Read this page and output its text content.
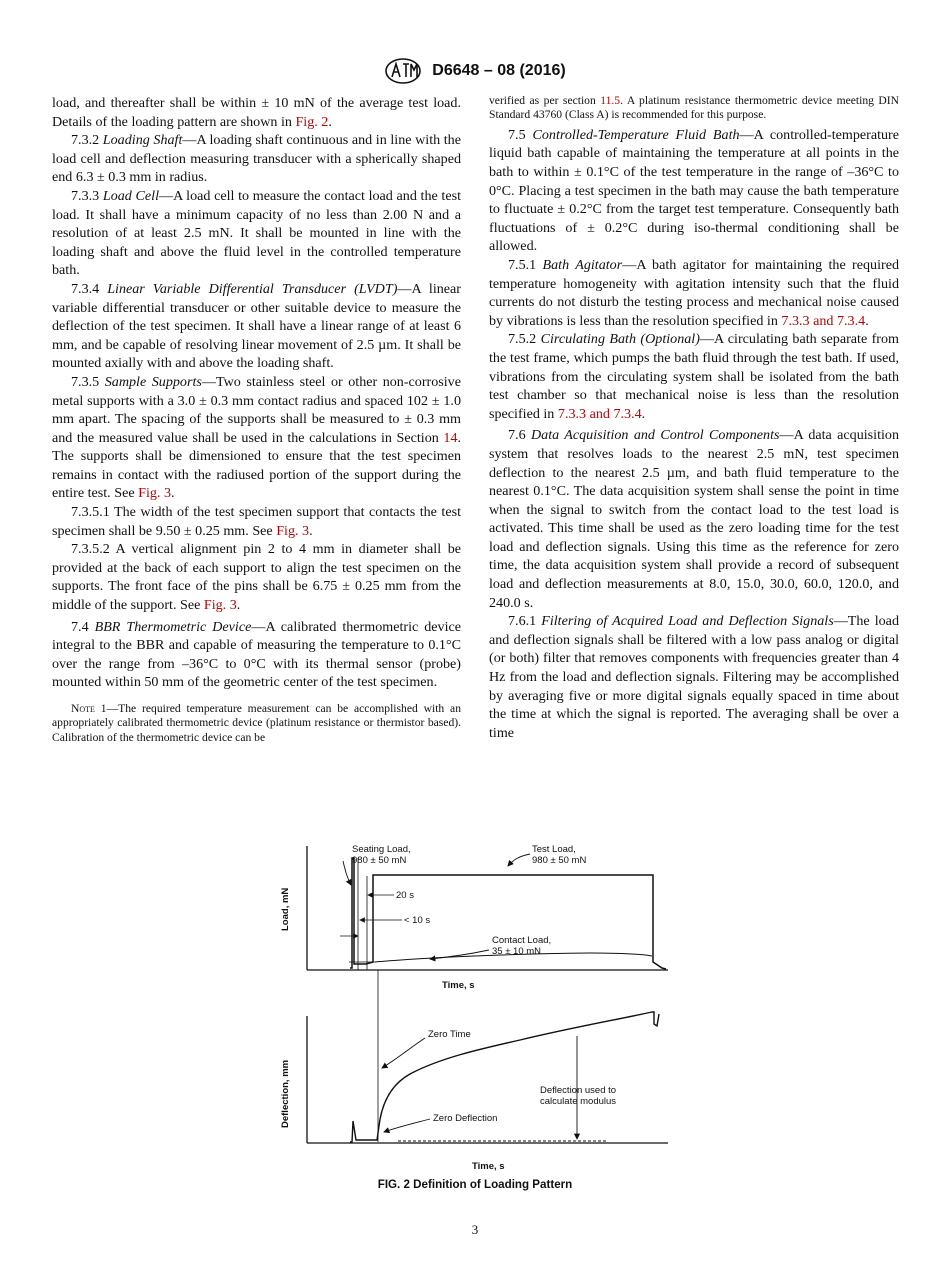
D6648 – 08 (2016)

load, and thereafter shall be within ± 10 mN of the average test load. Details of the loading pattern are shown in Fig. 2.

7.3.2 Loading Shaft—A loading shaft continuous and in line with the load cell and deflection measuring transducer with a spherically shaped end 6.3 ± 0.3 mm in radius.

7.3.3 Load Cell—A load cell to measure the contact load and the test load. It shall have a minimum capacity of no less than 2.00 N and a resolution of at least 2.5 mN. It shall be mounted in line with the loading shaft and above the fluid level in the controlled temperature bath.

7.3.4 Linear Variable Differential Transducer (LVDT)—A linear variable differential transducer or other suitable device to measure the deflection of the test specimen. It shall have a linear range of at least 6 mm, and be capable of resolving linear movement of 2.5 µm. It shall be mounted axially with and above the loading shaft.

7.3.5 Sample Supports—Two stainless steel or other non-corrosive metal supports with a 3.0 ± 0.3 mm contact radius and spaced 102 ± 1.0 mm apart. The spacing of the supports shall be measured to ± 0.3 mm and the measured value shall be used in the calculations in Section 14. The supports shall be dimensioned to ensure that the test specimen remains in contact with the radiused portion of the support during the entire test. See Fig. 3.

7.3.5.1 The width of the test specimen support that contacts the test specimen shall be 9.50 ± 0.25 mm. See Fig. 3.

7.3.5.2 A vertical alignment pin 2 to 4 mm in diameter shall be provided at the back of each support to align the test specimen on the supports. The front face of the pins shall be 6.75 ± 0.25 mm from the middle of the support. See Fig. 3.

7.4 BBR Thermometric Device—A calibrated thermometric device integral to the BBR and capable of measuring the temperature to 0.1°C over the range from –36°C to 0°C with its thermal sensor (probe) mounted within 50 mm of the geometric center of the test specimen.

Note 1—The required temperature measurement can be accomplished with an appropriately calibrated thermometric device (platinum resistance or thermistor based). Calibration of the thermometric device can be

verified as per section 11.5. A platinum resistance thermometric device meeting DIN Standard 43760 (Class A) is recommended for this purpose.

7.5 Controlled-Temperature Fluid Bath—A controlled-temperature liquid bath capable of maintaining the temperature at all points in the bath to within ± 0.1°C of the test temperature in the range of –36°C to 0°C. Placing a test specimen in the bath may cause the bath temperature to fluctuate ± 0.2°C from the target test temperature. Consequently bath fluctuations of ± 0.2°C during iso-thermal conditioning shall be allowed.

7.5.1 Bath Agitator—A bath agitator for maintaining the required temperature homogeneity with agitation intensity such that the fluid currents do not disturb the testing process and mechanical noise caused by vibrations is less than the resolution specified in 7.3.3 and 7.3.4.

7.5.2 Circulating Bath (Optional)—A circulating bath separate from the test frame, which pumps the bath fluid through the test bath. If used, vibrations from the circulating system shall be isolated from the bath test chamber so that mechanical noise is less than the resolution specified in 7.3.3 and 7.3.4.

7.6 Data Acquisition and Control Components—A data acquisition system that resolves loads to the nearest 2.5 mN, test specimen deflection to the nearest 2.5 µm, and bath fluid temperature to the nearest 0.1°C. The data acquisition system shall sense the point in time when the signal to switch from the contact load to the test load is activated. This time shall be used as the zero loading time for the test load and deflection signals. Using this time as the reference for zero time, the data acquisition system shall provide a record of subsequent load and deflection measurements at 8.0, 15.0, 30.0, 60.0, 120.0, and 240.0 s.

7.6.1 Filtering of Acquired Load and Deflection Signals—The load and deflection signals shall be filtered with a low pass analog or digital (or both) filter that removes components with frequencies greater than 4 Hz from the load and deflection signals. Filtering may be accomplished by averaging five or more digital signals equally spaced in time about the time at which the signal is reported. The averaging shall be over a time

Load, mN
Time, s
Seating Load,
980 ± 50 mN
Test Load,
980 ± 50 mN
20 s
< 10 s
Contact Load,
35 ± 10 mN
Deflection, mm
Time, s
Zero Time
Zero Deflection
Deflection used to
calculate modulus
FIG. 2 Definition of Loading Pattern
3
